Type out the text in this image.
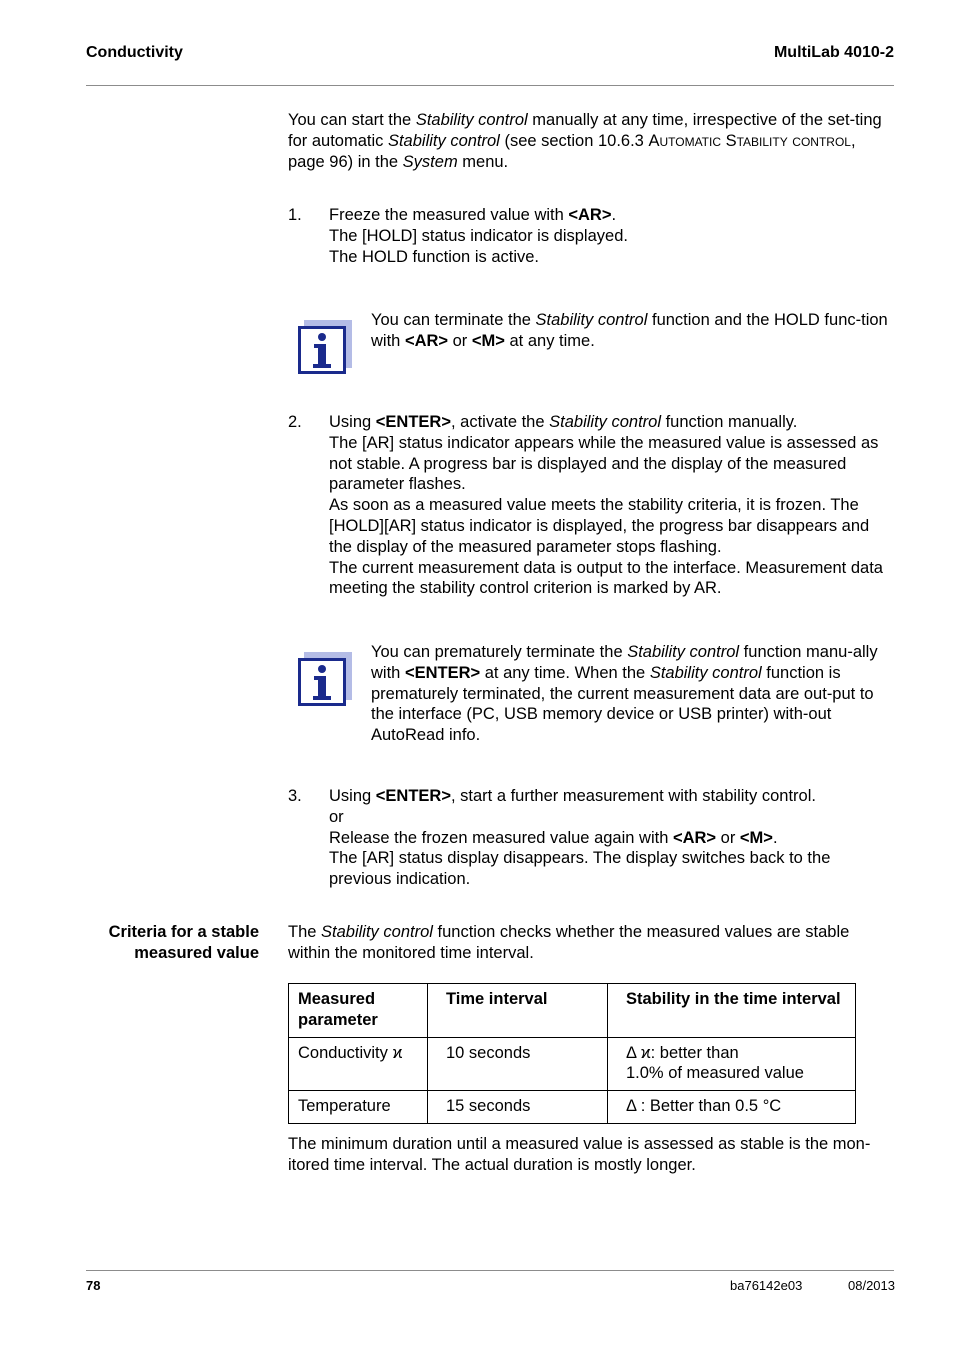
Conductivity	MultiLab 4010-2
You can start the Stability control manually at any time, irrespective of the set-ting for automatic Stability control (see section 10.6.3 Automatic Stability control, page 96) in the System menu.
1. Freeze the measured value with <AR>.
The [HOLD] status indicator is displayed.
The HOLD function is active.
You can terminate the Stability control function and the HOLD func-tion with <AR> or <M> at any time.
2. Using <ENTER>, activate the Stability control function manually.
The [AR] status indicator appears while the measured value is assessed as not stable. A progress bar is displayed and the display of the measured parameter flashes.
As soon as a measured value meets the stability criteria, it is frozen. The [HOLD][AR] status indicator is displayed, the progress bar disappears and the display of the measured parameter stops flashing.
The current measurement data is output to the interface. Measurement data meeting the stability control criterion is marked by AR.
You can prematurely terminate the Stability control function manu-ally with <ENTER> at any time. When the Stability control function is prematurely terminated, the current measurement data are out-put to the interface (PC, USB memory device or USB printer) with-out AutoRead info.
3. Using <ENTER>, start a further measurement with stability control.
or
Release the frozen measured value again with <AR> or <M>.
The [AR] status display disappears. The display switches back to the previous indication.
Criteria for a stable
measured value
The Stability control function checks whether the measured values are stable within the monitored time interval.
Measured parameter	Time interval	Stability in the time interval
Conductivity ϰ	10 seconds	Δ ϰ: better than
1.0% of measured value

Temperature	15 seconds	Δ : Better than 0.5 °C
The minimum duration until a measured value is assessed as stable is the mon-itored time interval. The actual duration is mostly longer.
78	ba76142e03	08/2013
